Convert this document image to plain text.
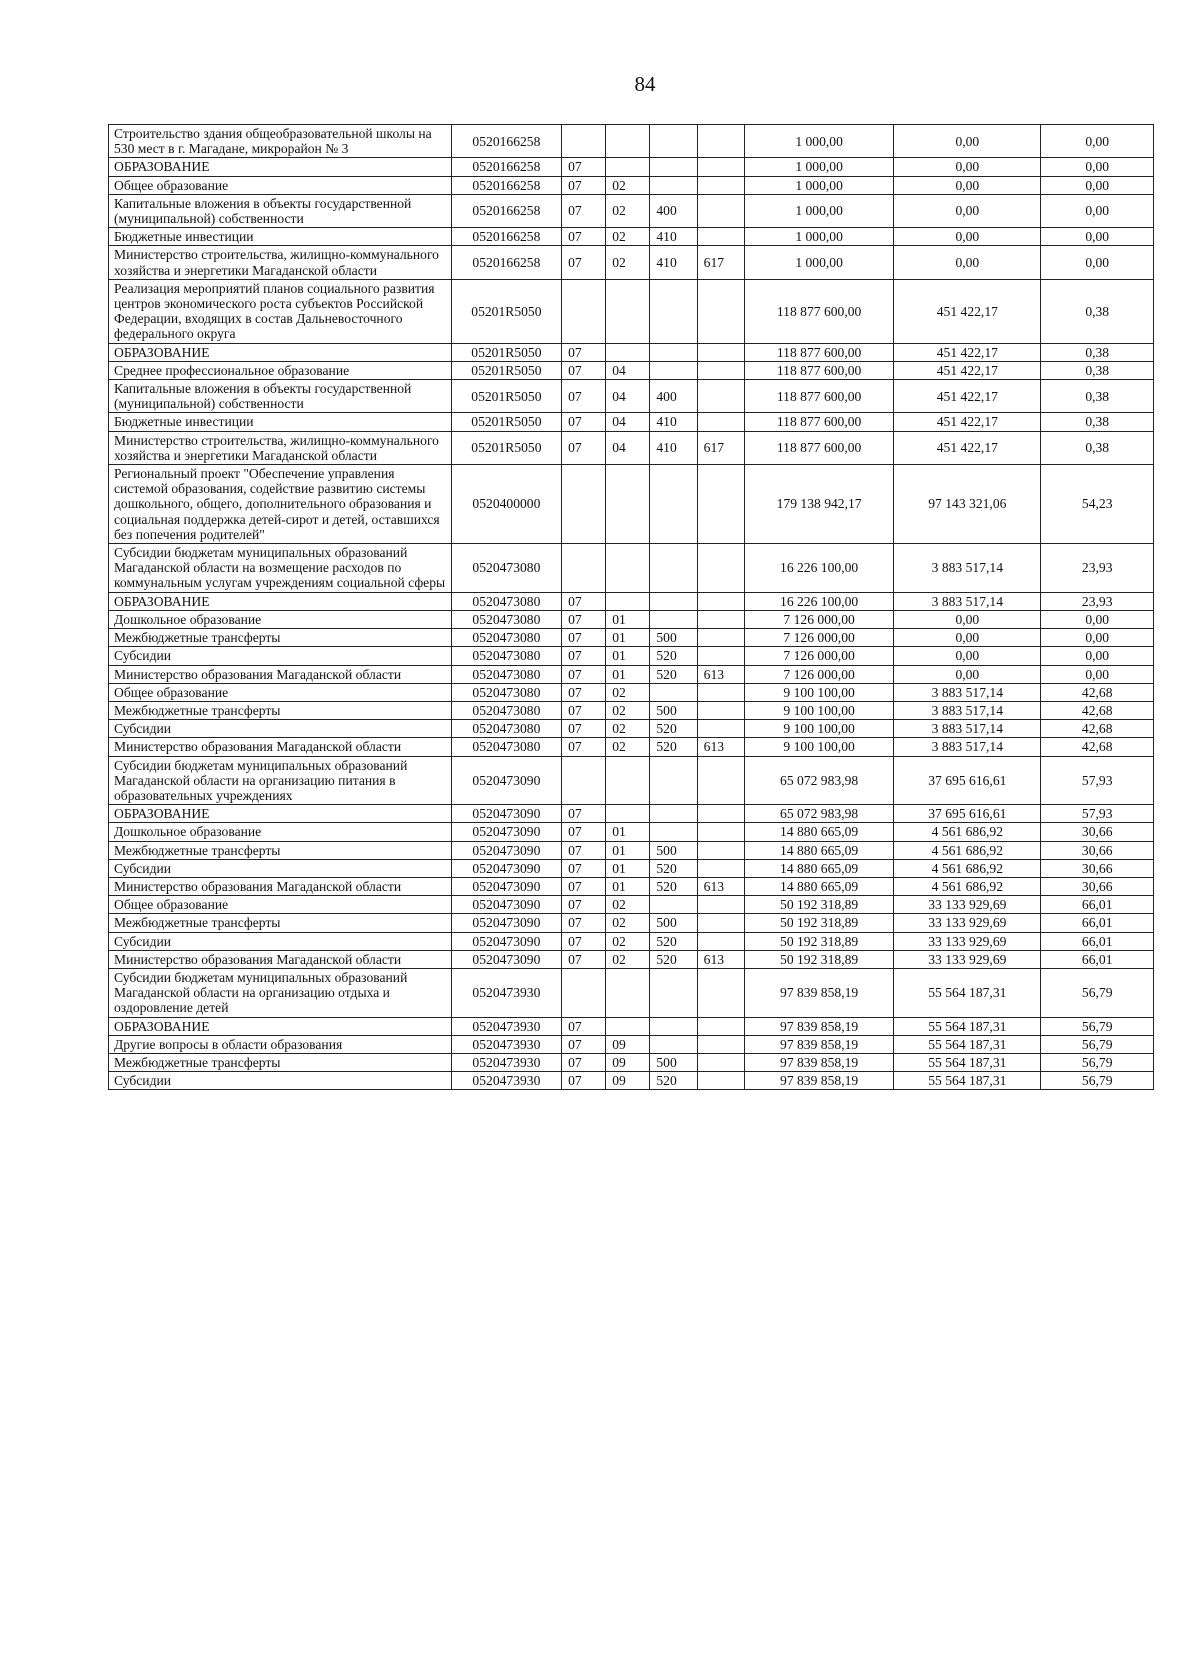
84
Строительство здания общеобразовательной школы на 530 мест в г. Магадане, микрорайон № 3	0520166258					1 000,00	0,00	0,00
ОБРАЗОВАНИЕ	0520166258	07				1 000,00	0,00	0,00
Общее образование	0520166258	07	02			1 000,00	0,00	0,00
Капитальные вложения в объекты государственной (муниципальной) собственности	0520166258	07	02	400		1 000,00	0,00	0,00
Бюджетные инвестиции	0520166258	07	02	410		1 000,00	0,00	0,00
Министерство строительства, жилищно-коммунального хозяйства и энергетики Магаданской области	0520166258	07	02	410	617	1 000,00	0,00	0,00
Реализация мероприятий планов социального развития центров экономического роста субъектов Российской Федерации, входящих в состав Дальневосточного федерального округа	05201R5050					118 877 600,00	451 422,17	0,38
ОБРАЗОВАНИЕ	05201R5050	07				118 877 600,00	451 422,17	0,38
Среднее профессиональное образование	05201R5050	07	04			118 877 600,00	451 422,17	0,38
Капитальные вложения в объекты государственной (муниципальной) собственности	05201R5050	07	04	400		118 877 600,00	451 422,17	0,38
Бюджетные инвестиции	05201R5050	07	04	410		118 877 600,00	451 422,17	0,38
Министерство строительства, жилищно-коммунального хозяйства и энергетики Магаданской области	05201R5050	07	04	410	617	118 877 600,00	451 422,17	0,38
Региональный проект "Обеспечение управления системой образования, содействие развитию системы дошкольного, общего, дополнительного образования и социальная поддержка детей-сирот и детей, оставшихся без попечения родителей"	0520400000					179 138 942,17	97 143 321,06	54,23
Субсидии бюджетам муниципальных образований Магаданской области на возмещение расходов по коммунальным услугам учреждениям социальной сферы	0520473080					16 226 100,00	3 883 517,14	23,93
ОБРАЗОВАНИЕ	0520473080	07				16 226 100,00	3 883 517,14	23,93
Дошкольное образование	0520473080	07	01			7 126 000,00	0,00	0,00
Межбюджетные трансферты	0520473080	07	01	500		7 126 000,00	0,00	0,00
Субсидии	0520473080	07	01	520		7 126 000,00	0,00	0,00
Министерство образования Магаданской области	0520473080	07	01	520	613	7 126 000,00	0,00	0,00
Общее образование	0520473080	07	02			9 100 100,00	3 883 517,14	42,68
Межбюджетные трансферты	0520473080	07	02	500		9 100 100,00	3 883 517,14	42,68
Субсидии	0520473080	07	02	520		9 100 100,00	3 883 517,14	42,68
Министерство образования Магаданской области	0520473080	07	02	520	613	9 100 100,00	3 883 517,14	42,68
Субсидии бюджетам муниципальных образований Магаданской области на организацию питания в образовательных учреждениях	0520473090					65 072 983,98	37 695 616,61	57,93
ОБРАЗОВАНИЕ	0520473090	07				65 072 983,98	37 695 616,61	57,93
Дошкольное образование	0520473090	07	01			14 880 665,09	4 561 686,92	30,66
Межбюджетные трансферты	0520473090	07	01	500		14 880 665,09	4 561 686,92	30,66
Субсидии	0520473090	07	01	520		14 880 665,09	4 561 686,92	30,66
Министерство образования Магаданской области	0520473090	07	01	520	613	14 880 665,09	4 561 686,92	30,66
Общее образование	0520473090	07	02			50 192 318,89	33 133 929,69	66,01
Межбюджетные трансферты	0520473090	07	02	500		50 192 318,89	33 133 929,69	66,01
Субсидии	0520473090	07	02	520		50 192 318,89	33 133 929,69	66,01
Министерство образования Магаданской области	0520473090	07	02	520	613	50 192 318,89	33 133 929,69	66,01
Субсидии бюджетам муниципальных образований Магаданской области на организацию отдыха и оздоровление детей	0520473930					97 839 858,19	55 564 187,31	56,79
ОБРАЗОВАНИЕ	0520473930	07				97 839 858,19	55 564 187,31	56,79
Другие вопросы в области образования	0520473930	07	09			97 839 858,19	55 564 187,31	56,79
Межбюджетные трансферты	0520473930	07	09	500		97 839 858,19	55 564 187,31	56,79
Субсидии	0520473930	07	09	520		97 839 858,19	55 564 187,31	56,79
